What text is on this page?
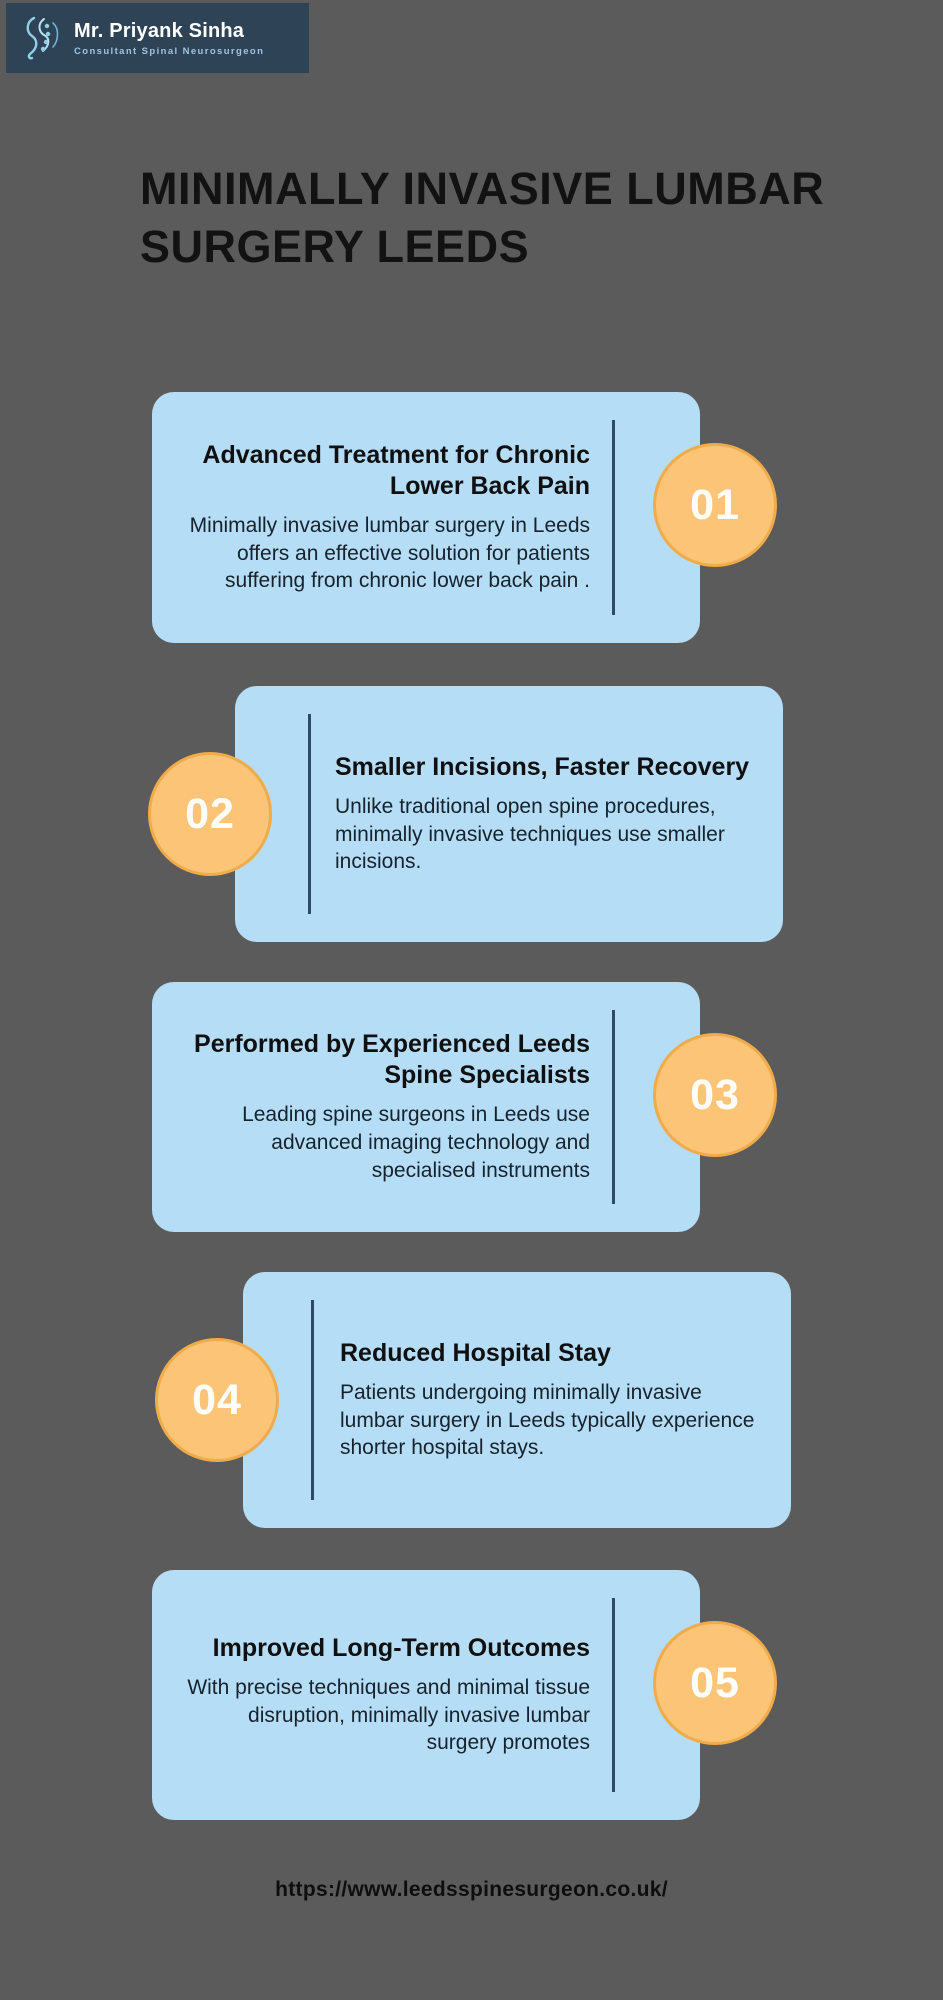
Mr. Priyank Sinha
Consultant Spinal Neurosurgeon
MINIMALLY INVASIVE LUMBAR SURGERY LEEDS
Advanced Treatment for Chronic Lower Back Pain

Minimally invasive lumbar surgery in Leeds offers an effective solution for patients suffering from chronic lower back pain .

01
Smaller Incisions, Faster Recovery

Unlike traditional open spine procedures, minimally invasive techniques use smaller incisions.

02
Performed by Experienced Leeds Spine Specialists

Leading spine surgeons in Leeds use advanced imaging technology and specialised instruments

03
Reduced Hospital Stay

Patients undergoing minimally invasive lumbar surgery in Leeds typically experience shorter hospital stays.

04
Improved Long-Term Outcomes

With precise techniques and minimal tissue disruption, minimally invasive lumbar surgery promotes

05
https://www.leedsspinesurgeon.co.uk/
